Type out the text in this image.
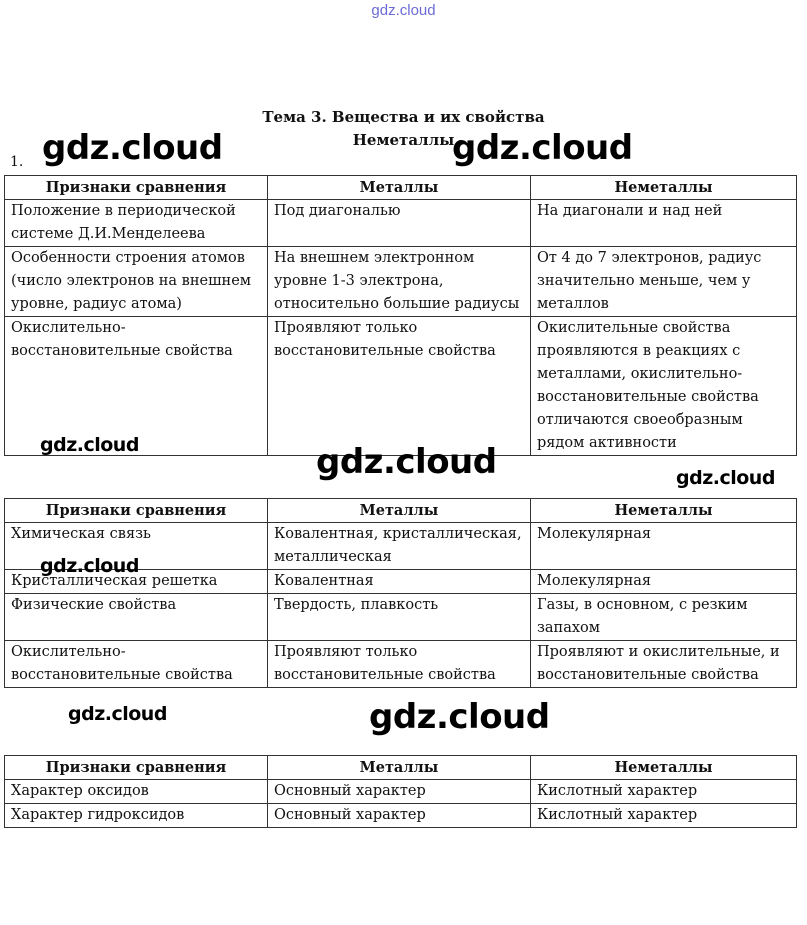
gdz.cloud
Тема 3. Вещества и их свойства
Неметаллы
1.
Признаки сравнения	Металлы	Неметаллы
Положение в периодической системе Д.И.Менделеева	Под диагональю	На диагонали и над ней
Особенности строения атомов (число электронов на внешнем уровне, радиус атома)	На внешнем электронном уровне 1-3 электрона, относительно большие радиусы	От 4 до 7 электронов, радиус значительно меньше, чем у металлов
Окислительно-восстановительные свойства	Проявляют только восстановительные свойства	Окислительные свойства проявляются в реакциях с металлами, окислительно-восстановительные свойства отличаются своеобразным рядом активности
Признаки сравнения	Металлы	Неметаллы
Химическая связь	Ковалентная, кристаллическая, металлическая	Молекулярная
Кристаллическая решетка	Ковалентная	Молекулярная
Физические свойства	Твердость, плавкость	Газы, в основном, с резким запахом
Окислительно-восстановительные свойства	Проявляют только восстановительные свойства	Проявляют и окислительные, и восстановительные свойства
Признаки сравнения	Металлы	Неметаллы
Характер оксидов	Основный характер	Кислотный характер
Характер гидроксидов	Основный характер	Кислотный характер
gdz.cloud	gdz.cloud
gdz.cloud	gdz.cloud	gdz.cloud
gdz.cloud
gdz.cloud	gdz.cloud
